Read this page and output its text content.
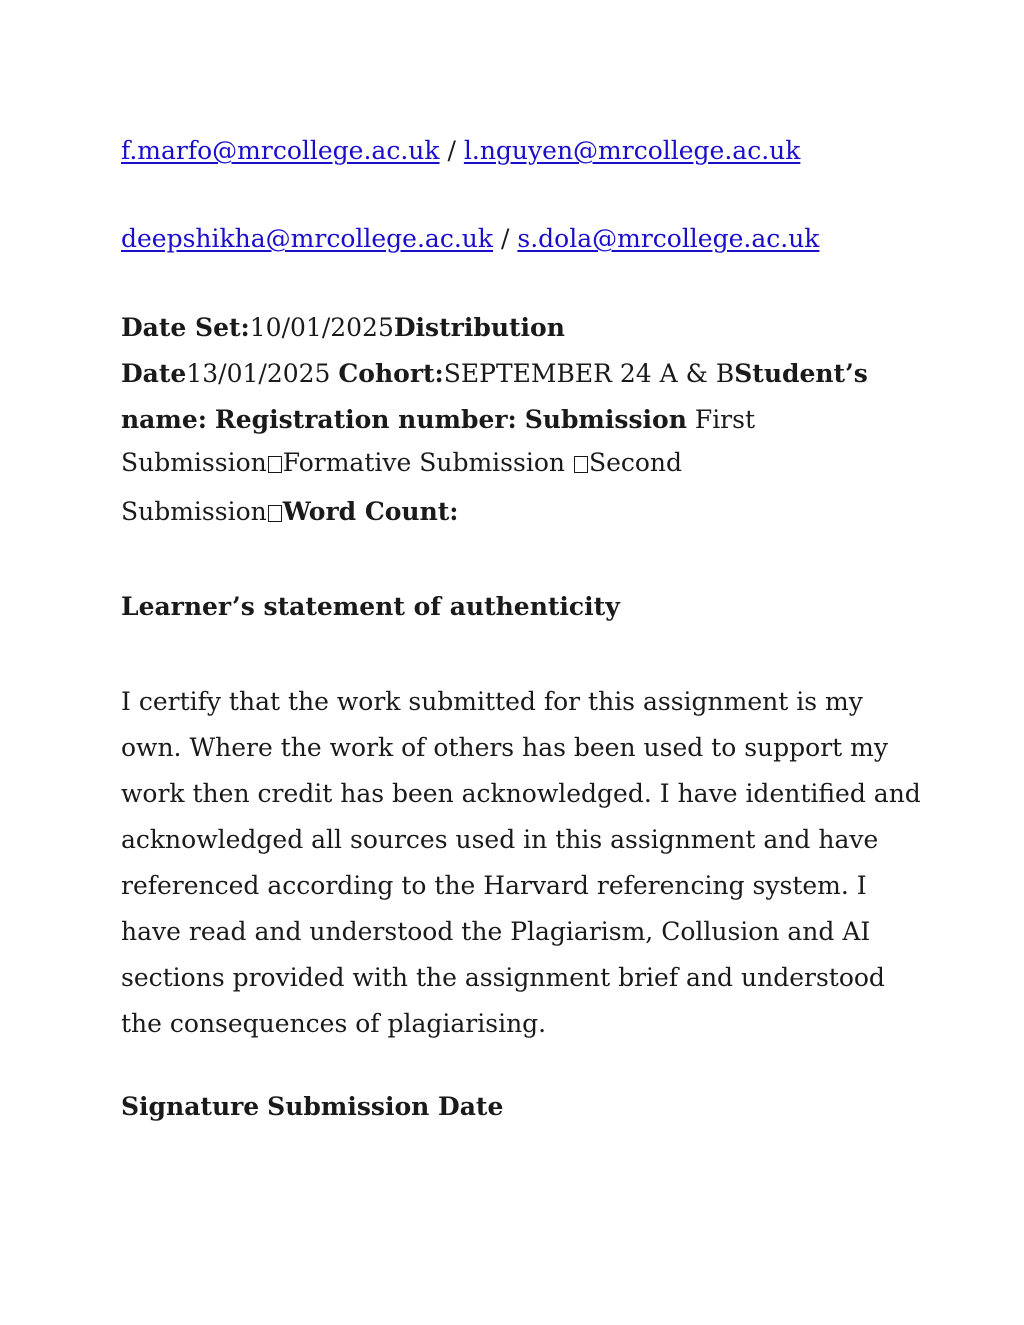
f.marfo@mrcollege.ac.uk / l.nguyen@mrcollege.ac.uk
deepshikha@mrcollege.ac.uk / s.dola@mrcollege.ac.uk
Date Set:10/01/2025Distribution
Date13/01/2025 Cohort:SEPTEMBER 24 A & BStudent’s
name: Registration number: Submission First
Submission Formative Submission Second
Submission Word Count:
Learner’s statement of authenticity
I certify that the work submitted for this assignment is my
own. Where the work of others has been used to support my
work then credit has been acknowledged. I have identified and
acknowledged all sources used in this assignment and have
referenced according to the Harvard referencing system. I
have read and understood the Plagiarism, Collusion and AI
sections provided with the assignment brief and understood
the consequences of plagiarising.
Signature Submission Date
